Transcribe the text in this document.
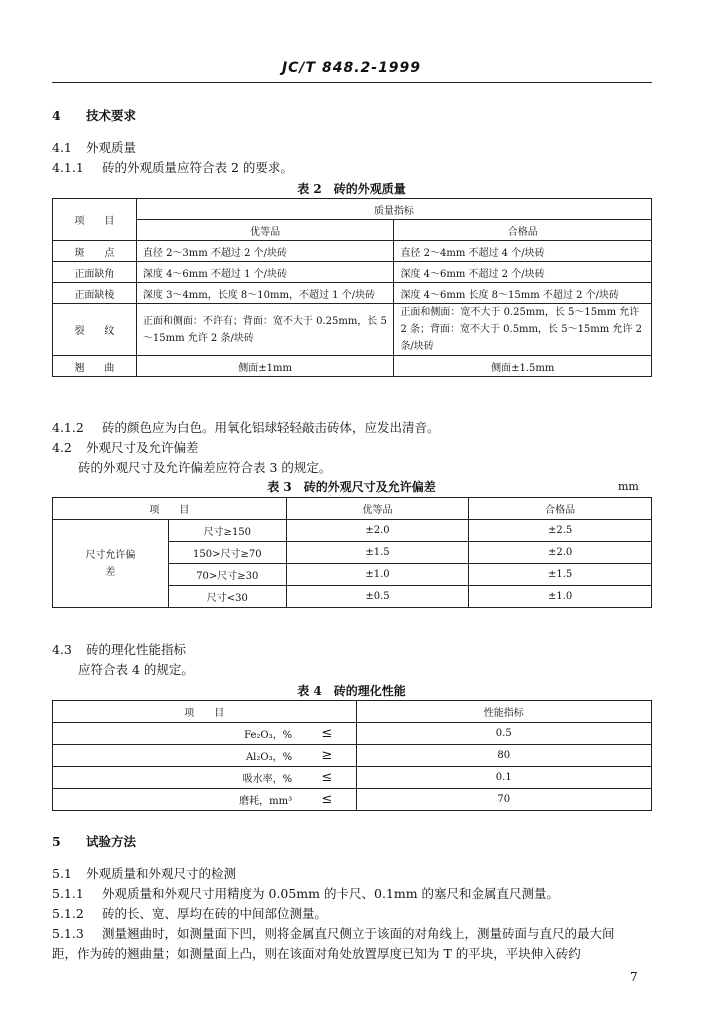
JC/T 848.2-1999
4 技术要求
4.1 外观质量
4.1.1 砖的外观质量应符合表 2 的要求。
表 2　砖的外观质量
项　　目	质量指标	
	优等品	合格品
斑　　点	直径 2～3mm 不超过 2 个/块砖	直径 2～4mm 不超过 4 个/块砖
正面缺角	深度 4～6mm 不超过 1 个/块砖	深度 4～6mm 不超过 2 个/块砖
正面缺棱	深度 3～4mm，长度 8～10mm，不超过 1 个/块砖	深度 4～6mm 长度 8～15mm 不超过 2 个/块砖
裂　　纹	正面和侧面：不许有；背面：宽不大于 0.25mm，长 5～15mm 允许 2 条/块砖	正面和侧面：宽不大于 0.25mm，长 5～15mm 允许 2 条；背面：宽不大于 0.5mm，长 5～15mm 允许 2 条/块砖
翘　　曲	侧面±1mm	侧面±1.5mm
4.1.2 砖的颜色应为白色。用氧化铝球轻轻敲击砖体，应发出清音。
4.2 外观尺寸及允许偏差
砖的外观尺寸及允许偏差应符合表 3 的规定。
表 3　砖的外观尺寸及允许偏差	mm
项　　目		优等品	合格品
尺寸允许偏差	尺寸≥150	±2.0	±2.5
	150>尺寸≥70	±1.5	±2.0
	70>尺寸≥30	±1.0	±1.5
	尺寸<30	±0.5	±1.0
4.3 砖的理化性能指标
应符合表 4 的规定。
表 4　砖的理化性能
项　　目		性能指标
Fe₂O₃，%	≤	0.5
Al₂O₃，%	≥	80
吸水率，%	≤	0.1
磨耗，mm³	≤	70
5 试验方法
5.1 外观质量和外观尺寸的检测
5.1.1 外观质量和外观尺寸用精度为 0.05mm 的卡尺、0.1mm 的塞尺和金属直尺测量。
5.1.2 砖的长、宽、厚均在砖的中间部位测量。
5.1.3 测量翘曲时，如测量面下凹，则将金属直尺侧立于该面的对角线上，测量砖面与直尺的最大间
距，作为砖的翘曲量；如测量面上凸，则在该面对角处放置厚度已知为 T 的平块，平块伸入砖约
7
